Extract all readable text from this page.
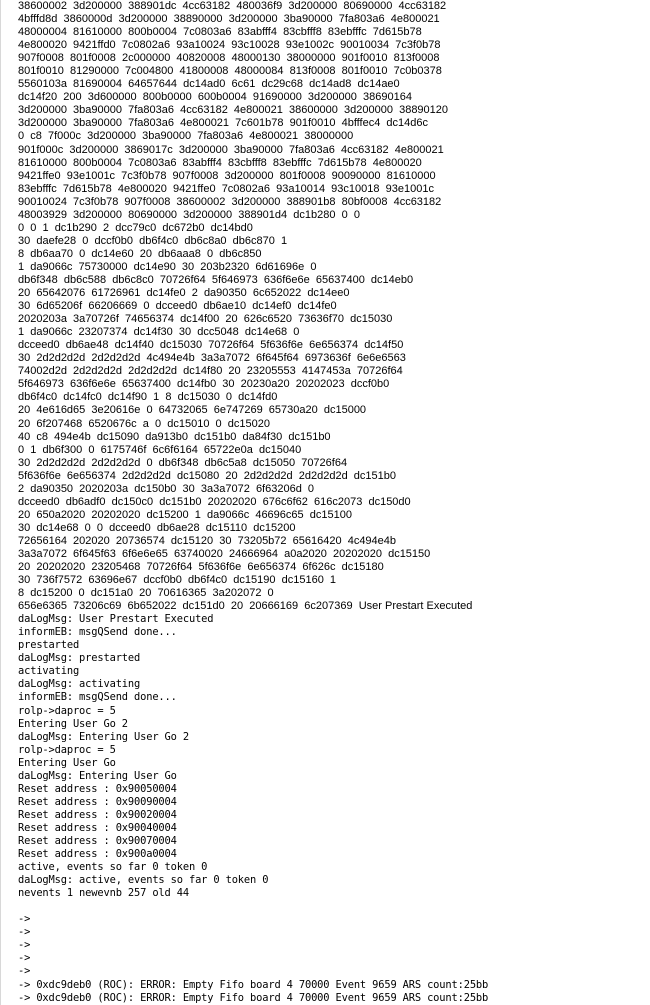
38600002  3d200000  388901dc  4cc63182  480036f9  3d200000  80690000  4cc63182
4bfffd8d  3860000d  3d200000  38890000  3d200000  3ba90000  7fa803a6  4e800021
48000004  81610000  800b0004  7c0803a6  83abfff4  83cbfff8  83ebfffc  7d615b78
4e800020  9421ffd0  7c0802a6  93a10024  93c10028  93e1002c  90010034  7c3f0b78
907f0008  801f0008  2c000000  40820008  48000130  38000000  901f0010  813f0008
801f0010  81290000  7c004800  41800008  48000084  813f0008  801f0010  7c0b0378
5560103a  81690004  64657644  dc14ad0  6c61  dc29c68  dc14ad8  dc14ae0
dc14f20  200  3d600000  800b0000  600b0004  91690000  3d200000  38690164
3d200000  3ba90000  7fa803a6  4cc63182  4e800021  38600000  3d200000  38890120
3d200000  3ba90000  7fa803a6  4e800021  7c601b78  901f0010  4bfffec4  dc14d6c
0  c8  7f000c  3d200000  3ba90000  7fa803a6  4e800021  38000000
901f000c  3d200000  3869017c  3d200000  3ba90000  7fa803a6  4cc63182  4e800021
81610000  800b0004  7c0803a6  83abfff4  83cbfff8  83ebfffc  7d615b78  4e800020
9421ffe0  93e1001c  7c3f0b78  907f0008  3d200000  801f0008  90090000  81610000
83ebfffc  7d615b78  4e800020  9421ffe0  7c0802a6  93a10014  93c10018  93e1001c
90010024  7c3f0b78  907f0008  38600002  3d200000  388901b8  80bf0008  4cc63182
48003929  3d200000  80690000  3d200000  388901d4  dc1b280  0  0
0  0  1  dc1b290  2  dcc79c0  dc672b0  dc14bd0
30  daefe28  0  dccf0b0  db6f4c0  db6c8a0  db6c870  1
8  db6aa70  0  dc14e60  20  db6aaa8  0  db6c850
1  da9066c  75730000  dc14e90  30  203b2320  6d61696e  0
db6f348  db6c588  db6c8c0  70726f64  5f646973  636f6e6e  65637400  dc14eb0
20  65642076  61726961  dc14fe0  2  da90350  6c652022  dc14ee0
30  6d65206f  66206669  0  dcceed0  db6ae10  dc14ef0  dc14fe0
2020203a  3a70726f  74656374  dc14f00  20  626c6520  73636f70  dc15030
1  da9066c  23207374  dc14f30  30  dcc5048  dc14e68  0
dcceed0  db6ae48  dc14f40  dc15030  70726f64  5f636f6e  6e656374  dc14f50
30  2d2d2d2d  2d2d2d2d  4c494e4b  3a3a7072  6f645f64  6973636f  6e6e6563
74002d2d  2d2d2d2d  2d2d2d2d  dc14f80  20  23205553  4147453a  70726f64
5f646973  636f6e6e  65637400  dc14fb0  30  20230a20  20202023  dccf0b0
db6f4c0  dc14fc0  dc14f90  1  8  dc15030  0  dc14fd0
20  4e616d65  3e20616e  0  64732065  6e747269  65730a20  dc15000
20  6f207468  6520676c  a  0  dc15010  0  dc15020
40  c8  494e4b  dc15090  da913b0  dc151b0  da84f30  dc151b0
0  1  db6f300  0  6175746f  6c6f6164  65722e0a  dc15040
30  2d2d2d2d  2d2d2d2d  0  db6f348  db6c5a8  dc15050  70726f64
5f636f6e  6e656374  2d2d2d2d  dc15080  20  2d2d2d2d  2d2d2d2d  dc151b0
2  da90350  2020203a  dc150b0  30  3a3a7072  6f63206d  0
dcceed0  db6adf0  dc150c0  dc151b0  20202020  676c6f62  616c2073  dc150d0
20  650a2020  20202020  dc15200  1  da9066c  46696c65  dc15100
30  dc14e68  0  0  dcceed0  db6ae28  dc15110  dc15200
72656164  202020  20736574  dc15120  30  73205b72  65616420  4c494e4b
3a3a7072  6f645f63  6f6e6e65  63740020  24666964  a0a2020  20202020  dc15150
20  20202020  23205468  70726f64  5f636f6e  6e656374  6f626c  dc15180
30  736f7572  63696e67  dccf0b0  db6f4c0  dc15190  dc15160  1
8  dc15200  0  dc151a0  20  70616365  3a202072  0
656e6365  73206c69  6b652022  dc151d0  20  20666169  6c207369  User Prestart Executed
daLogMsg: User Prestart Executed
informEB: msgQSend done...
prestarted
daLogMsg: prestarted
activating
daLogMsg: activating
informEB: msgQSend done...
rolp->daproc = 5
Entering User Go 2
daLogMsg: Entering User Go 2
rolp->daproc = 5
Entering User Go
daLogMsg: Entering User Go
Reset address : 0x90050004
Reset address : 0x90090004
Reset address : 0x90020004
Reset address : 0x90040004
Reset address : 0x90070004
Reset address : 0x900a0004
active, events so far 0 token 0
daLogMsg: active, events so far 0 token 0
nevents 1 newevnb 257 old 44

->
->
->
->
->
-> 0xdc9deb0 (ROC): ERROR: Empty Fifo board 4 70000 Event 9659 ARS count:25bb
-> 0xdc9deb0 (ROC): ERROR: Empty Fifo board 4 70000 Event 9659 ARS count:25bb
